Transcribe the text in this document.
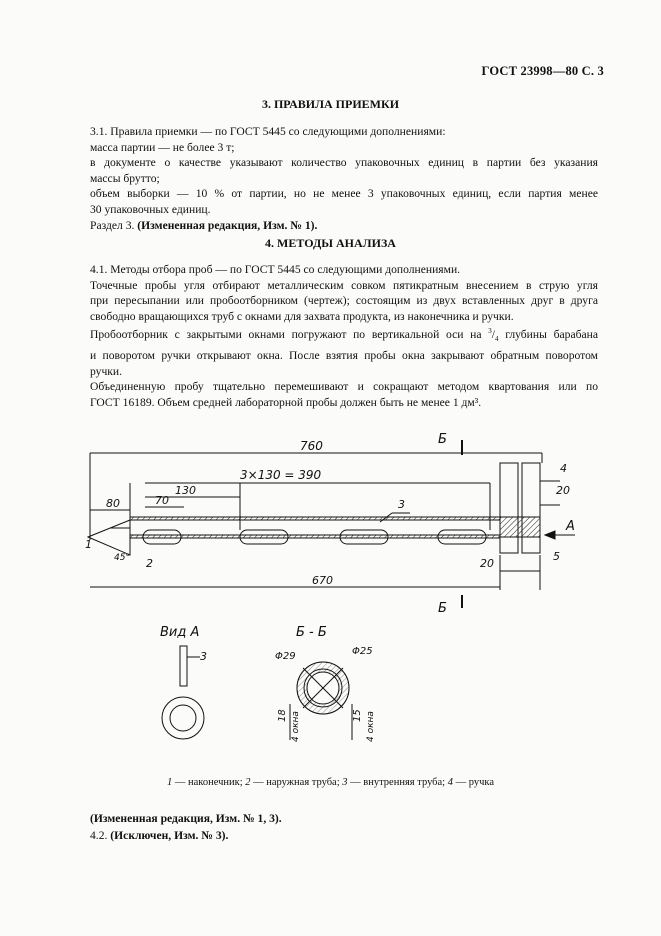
ГОСТ 23998—80 С. 3
3. ПРАВИЛА ПРИЕМКИ

3.1. Правила приемки — по ГОСТ 5445 со следующими дополнениями:

масса партии — не более 3 т;

в документе о качестве указывают количество упаковочных единиц в партии без указания

массы брутто;

объем выборки — 10 % от партии, но не менее 3 упаковочных единиц, если партия менее

30 упаковочных единиц.

Раздел 3. (Измененная редакция, Изм. № 1).

4. МЕТОДЫ АНАЛИЗА

4.1. Методы отбора проб — по ГОСТ 5445 со следующими дополнениями.

Точечные пробы угля отбирают металлическим совком пятикратным внесением в струю угля

при пересыпании или пробоотборником (чертеж); состоящим из двух вставленных друг в друга

свободно вращающихся труб с окнами для захвата продукта, из наконечника и ручки.

Пробоотборник с закрытыми окнами погружают по вертикальной оси на $^3/_4$ глубины барабана

и поворотом ручки открывают окна. После взятия пробы окна закрывают обратным поворотом

ручки.

Объединенную пробу тщательно перемешивают и сокращают методом квартования или по

ГОСТ 16189. Объем средней лабораторной пробы должен быть не менее 1 дм³.

760
3×130 = 390
130
70
80
670
20
20
5
45°
1
2
3
4
A
Б
Б
Вид А
3
Б - Б
Φ29	Φ25
18 4 окна	15 4 окна
1 — наконечник; 2 — наружная труба; 3 — внутренняя труба; 4 — ручка
(Измененная редакция, Изм. № 1, 3).
4.2. (Исключен, Изм. № 3).
